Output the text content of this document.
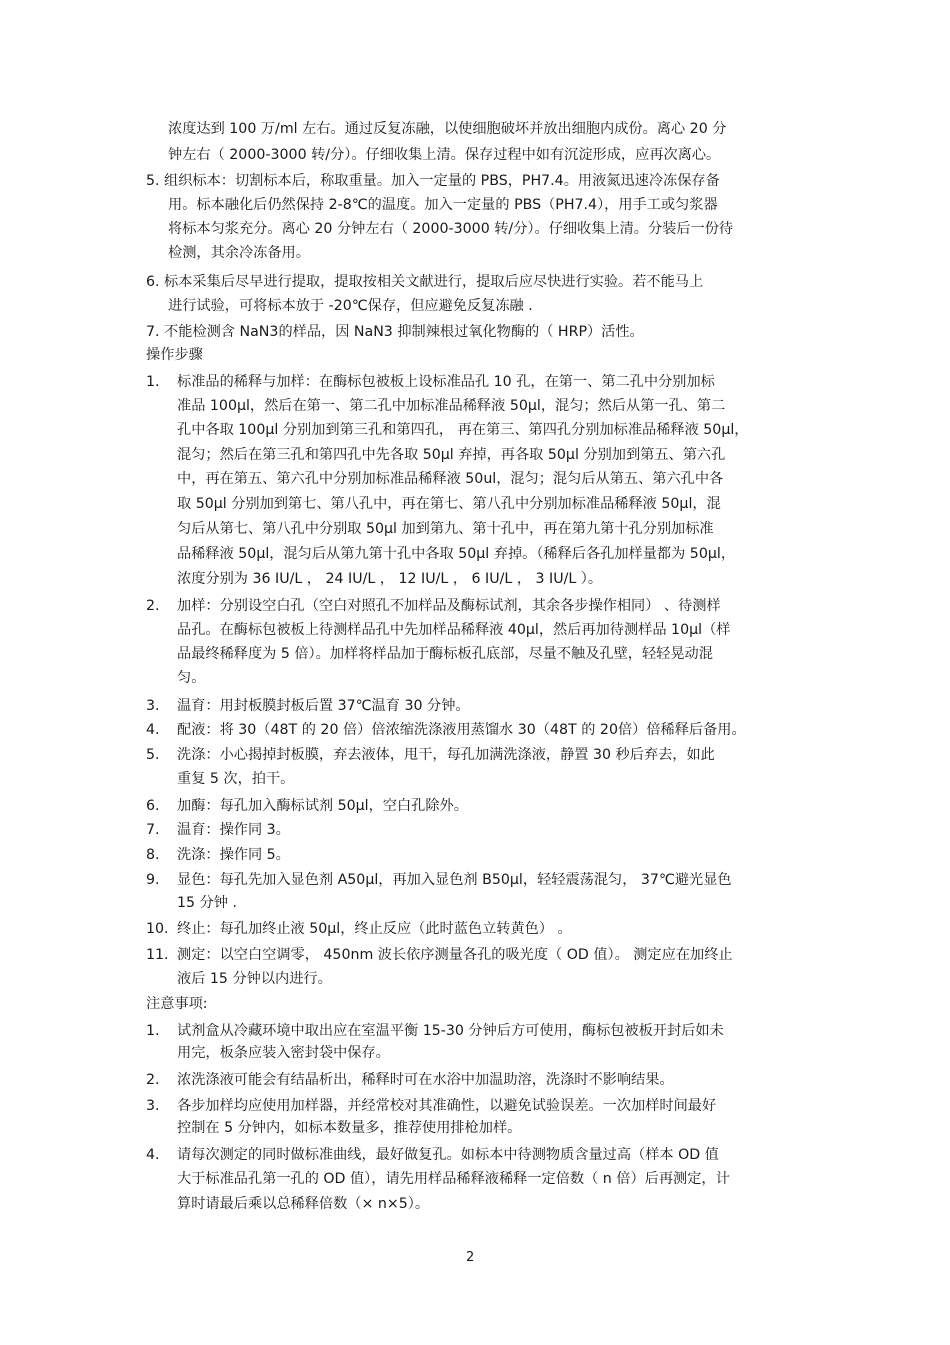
浓度达到 100 万/ml 左右。通过反复冻融，以使细胞破坏并放出细胞内成份。离心 20 分
钟左右（ 2000-3000 转/分）。仔细收集上清。保存过程中如有沉淀形成，应再次离心。
5. 组织标本：切割标本后，称取重量。加入一定量的 PBS，PH7.4。用液氮迅速冷冻保存备
用。标本融化后仍然保持 2-8℃的温度。加入一定量的 PBS（PH7.4），用手工或匀浆器
将标本匀浆充分。离心 20 分钟左右（ 2000-3000 转/分）。仔细收集上清。分装后一份待
检测，其余冷冻备用。
6. 标本采集后尽早进行提取，提取按相关文献进行，提取后应尽快进行实验。若不能马上
进行试验，可将标本放于 -20℃保存，但应避免反复冻融 .
7. 不能检测含 NaN3的样品，因 NaN3 抑制辣根过氧化物酶的（ HRP）活性。
操作步骤
1. 标准品的稀释与加样：在酶标包被板上设标准品孔 10 孔，在第一、第二孔中分别加标
准品 100μl，然后在第一、第二孔中加标准品稀释液 50μl，混匀；然后从第一孔、第二
孔中各取 100μl 分别加到第三孔和第四孔， 再在第三、第四孔分别加标准品稀释液 50μl，
混匀；然后在第三孔和第四孔中先各取 50μl 弃掉，再各取 50μl 分别加到第五、第六孔
中，再在第五、第六孔中分别加标准品稀释液 50ul，混匀；混匀后从第五、第六孔中各
取 50μl 分别加到第七、第八孔中，再在第七、第八孔中分别加标准品稀释液 50μl，混
匀后从第七、第八孔中分别取 50μl 加到第九、第十孔中，再在第九第十孔分别加标准
品稀释液 50μl，混匀后从第九第十孔中各取 50μl 弃掉。（稀释后各孔加样量都为 50μl，
浓度分别为 36 IU/L ， 24 IU/L ， 12 IU/L ， 6 IU/L ， 3 IU/L ）。
2. 加样：分别设空白孔（空白对照孔不加样品及酶标试剂，其余各步操作相同） 、待测样
品孔。在酶标包被板上待测样品孔中先加样品稀释液 40μl，然后再加待测样品 10μl（样
品最终稀释度为 5 倍）。加样将样品加于酶标板孔底部，尽量不触及孔壁，轻轻晃动混
匀。
3. 温育：用封板膜封板后置 37℃温育 30 分钟。
4. 配液：将 30（48T 的 20 倍）倍浓缩洗涤液用蒸馏水 30（48T 的 20倍）倍稀释后备用。
5. 洗涤：小心揭掉封板膜，弃去液体，甩干，每孔加满洗涤液，静置 30 秒后弃去，如此
重复 5 次，拍干。
6. 加酶：每孔加入酶标试剂 50μl，空白孔除外。
7. 温育：操作同 3。
8. 洗涤：操作同 5。
9. 显色：每孔先加入显色剂 A50μl，再加入显色剂 B50μl，轻轻震荡混匀， 37℃避光显色
15 分钟 .
10. 终止：每孔加终止液 50μl，终止反应（此时蓝色立转黄色） 。
11. 测定：以空白空调零， 450nm 波长依序测量各孔的吸光度（ OD 值）。 测定应在加终止
液后 15 分钟以内进行。
注意事项:
1. 试剂盒从冷藏环境中取出应在室温平衡 15-30 分钟后方可使用，酶标包被板开封后如未
用完，板条应装入密封袋中保存。
2. 浓洗涤液可能会有结晶析出，稀释时可在水浴中加温助溶，洗涤时不影响结果。
3. 各步加样均应使用加样器，并经常校对其准确性，以避免试验误差。一次加样时间最好
控制在 5 分钟内，如标本数量多，推荐使用排枪加样。
4. 请每次测定的同时做标准曲线，最好做复孔。如标本中待测物质含量过高（样本 OD 值
大于标准品孔第一孔的 OD 值），请先用样品稀释液稀释一定倍数（ n 倍）后再测定，计
算时请最后乘以总稀释倍数（× n×5）。
2
